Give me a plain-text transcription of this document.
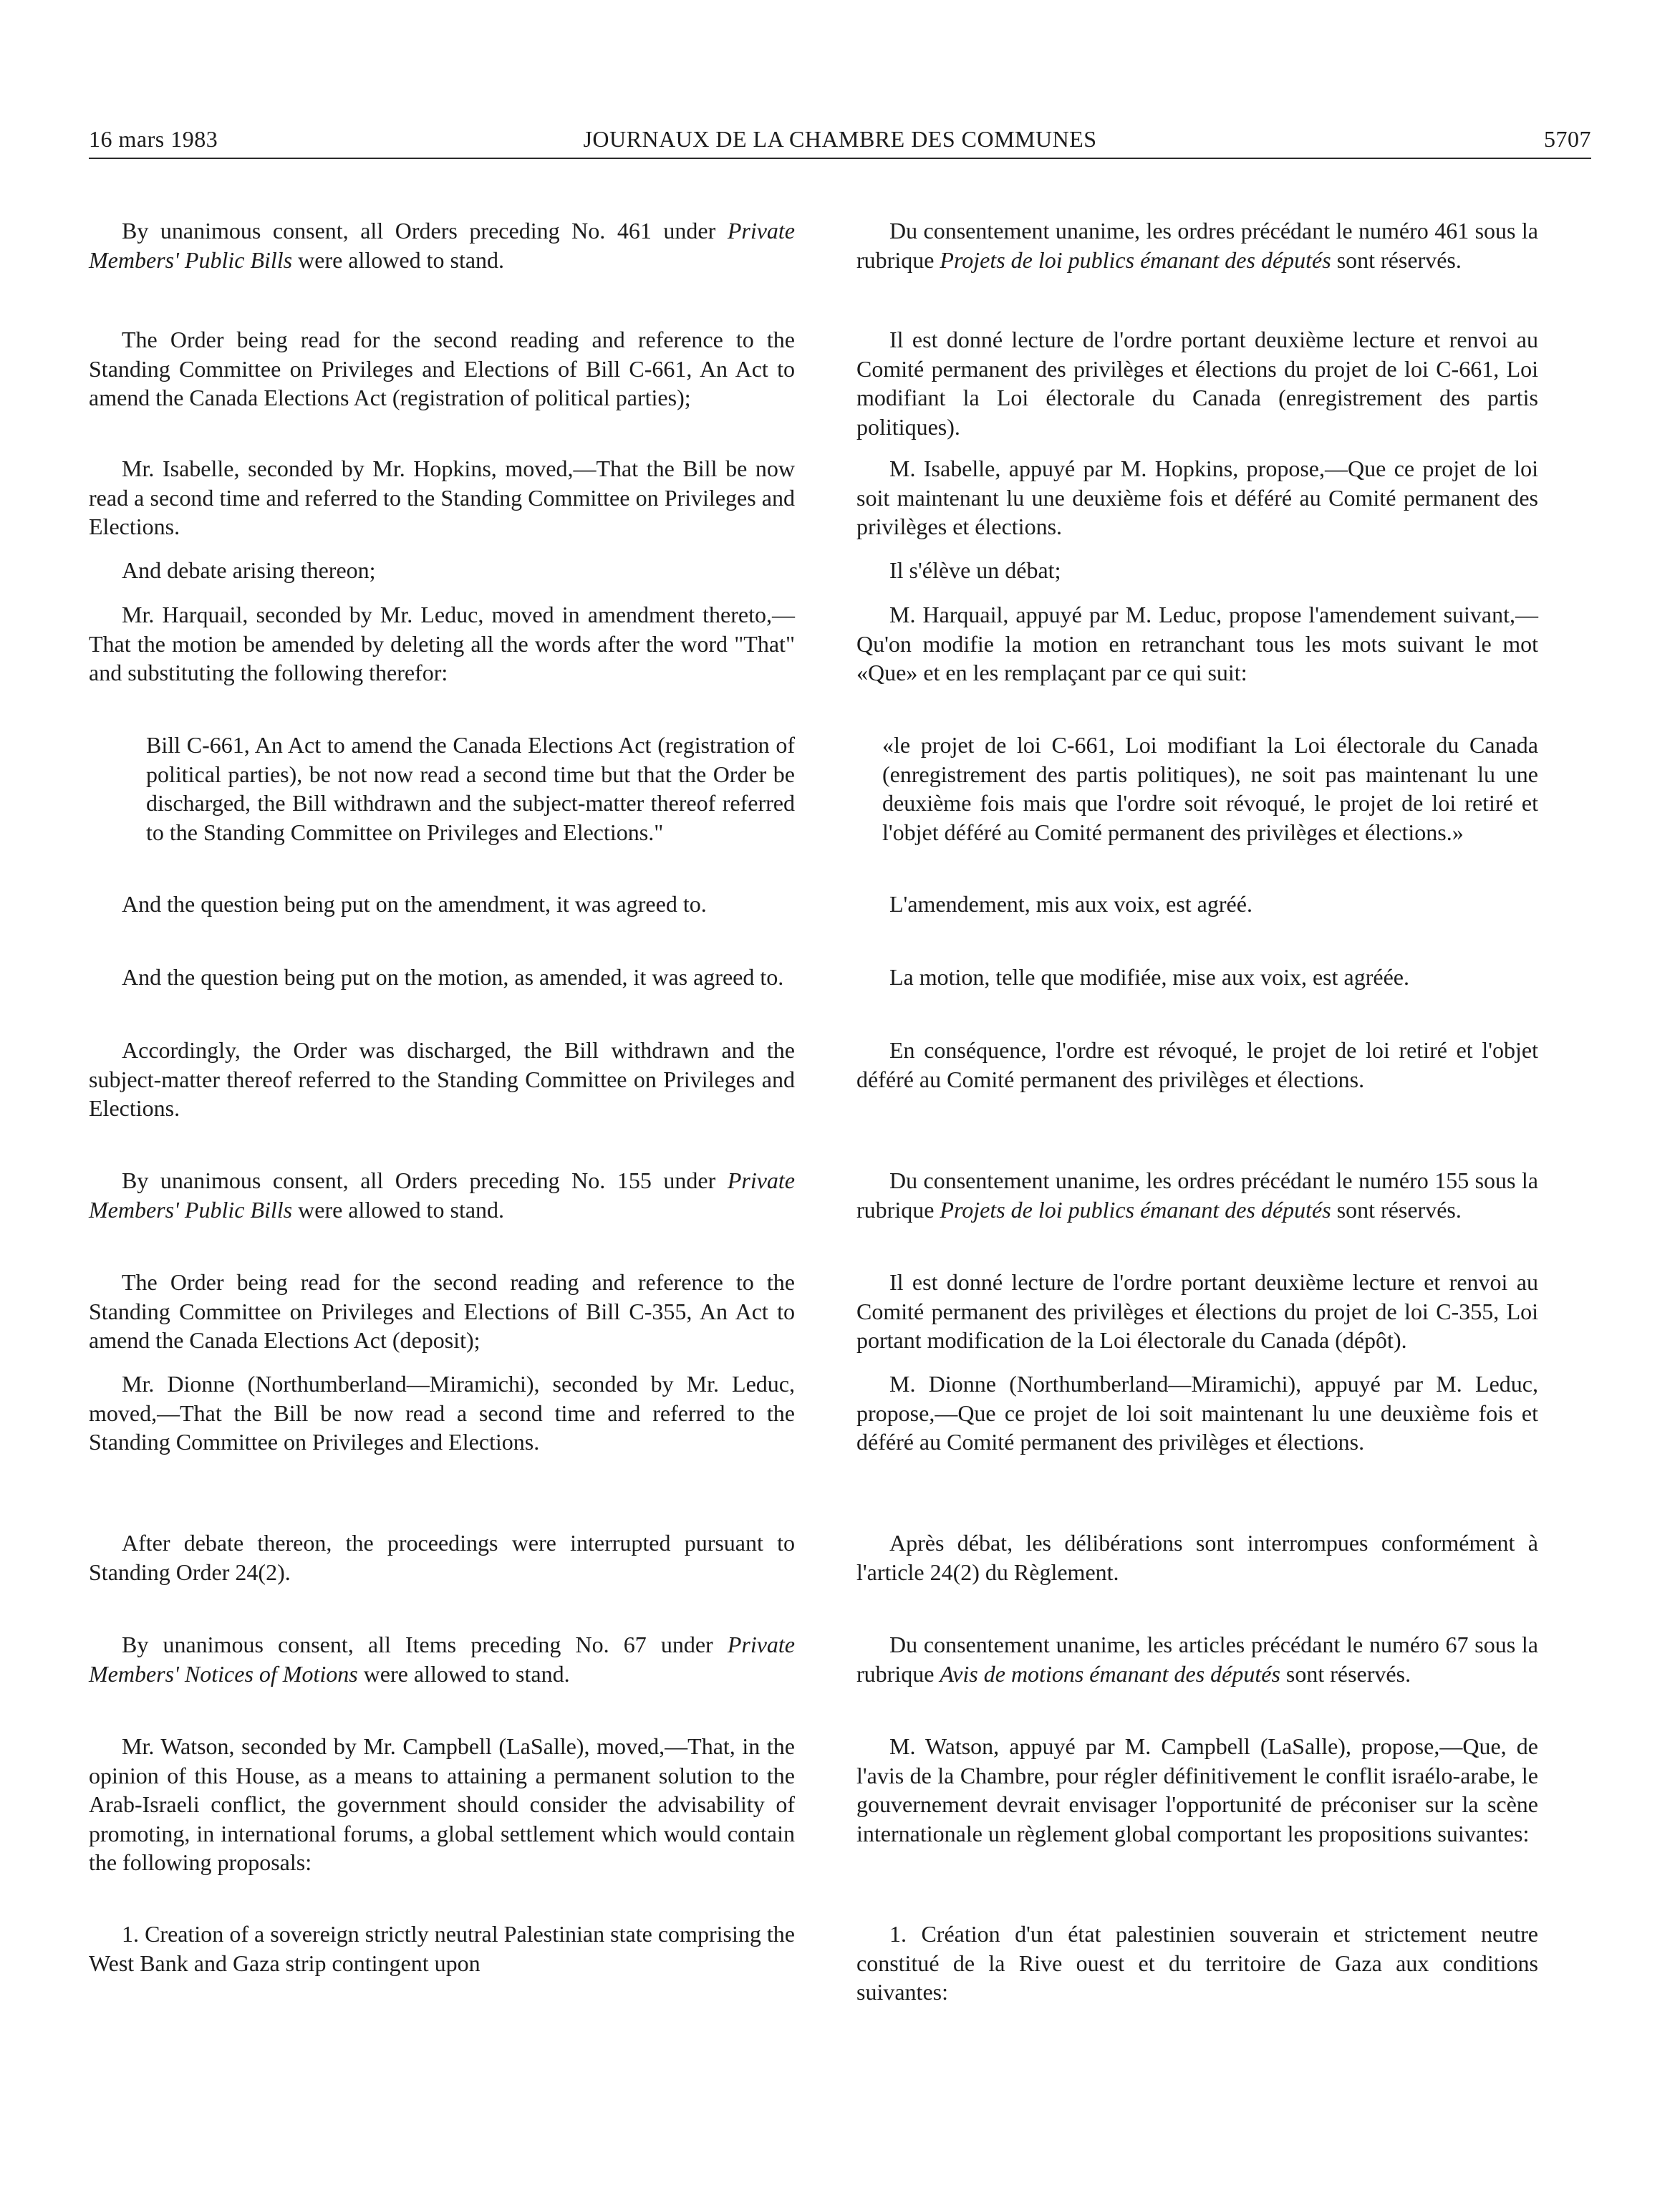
16 mars 1983	JOURNAUX DE LA CHAMBRE DES COMMUNES	5707

By unanimous consent, all Orders preceding No. 461 under Private Members' Public Bills were allowed to stand.

The Order being read for the second reading and reference to the Standing Committee on Privileges and Elections of Bill C-661, An Act to amend the Canada Elections Act (registration of political parties);

Mr. Isabelle, seconded by Mr. Hopkins, moved,—That the Bill be now read a second time and referred to the Standing Committee on Privileges and Elections.

And debate arising thereon;

Mr. Harquail, seconded by Mr. Leduc, moved in amendment thereto,—That the motion be amended by deleting all the words after the word "That" and substituting the following therefor:

Bill C-661, An Act to amend the Canada Elections Act (registration of political parties), be not now read a second time but that the Order be discharged, the Bill withdrawn and the subject-matter thereof referred to the Standing Committee on Privileges and Elections."

And the question being put on the amendment, it was agreed to.

And the question being put on the motion, as amended, it was agreed to.

Accordingly, the Order was discharged, the Bill withdrawn and the subject-matter thereof referred to the Standing Committee on Privileges and Elections.

By unanimous consent, all Orders preceding No. 155 under Private Members' Public Bills were allowed to stand.

The Order being read for the second reading and reference to the Standing Committee on Privileges and Elections of Bill C-355, An Act to amend the Canada Elections Act (deposit);

Mr. Dionne (Northumberland—Miramichi), seconded by Mr. Leduc, moved,—That the Bill be now read a second time and referred to the Standing Committee on Privileges and Elections.

After debate thereon, the proceedings were interrupted pursuant to Standing Order 24(2).

By unanimous consent, all Items preceding No. 67 under Private Members' Notices of Motions were allowed to stand.

Mr. Watson, seconded by Mr. Campbell (LaSalle), moved,—That, in the opinion of this House, as a means to attaining a permanent solution to the Arab-Israeli conflict, the government should consider the advisability of promoting, in international forums, a global settlement which would contain the following proposals:

1. Creation of a sovereign strictly neutral Palestinian state comprising the West Bank and Gaza strip contingent upon

Du consentement unanime, les ordres précédant le numéro 461 sous la rubrique Projets de loi publics émanant des députés sont réservés.

Il est donné lecture de l'ordre portant deuxième lecture et renvoi au Comité permanent des privilèges et élections du projet de loi C-661, Loi modifiant la Loi électorale du Canada (enregistrement des partis politiques).

M. Isabelle, appuyé par M. Hopkins, propose,—Que ce projet de loi soit maintenant lu une deuxième fois et déféré au Comité permanent des privilèges et élections.

Il s'élève un débat;

M. Harquail, appuyé par M. Leduc, propose l'amendement suivant,—Qu'on modifie la motion en retranchant tous les mots suivant le mot «Que» et en les remplaçant par ce qui suit:

«le projet de loi C-661, Loi modifiant la Loi électorale du Canada (enregistrement des partis politiques), ne soit pas maintenant lu une deuxième fois mais que l'ordre soit révoqué, le projet de loi retiré et l'objet déféré au Comité permanent des privilèges et élections.»

L'amendement, mis aux voix, est agréé.

La motion, telle que modifiée, mise aux voix, est agréée.

En conséquence, l'ordre est révoqué, le projet de loi retiré et l'objet déféré au Comité permanent des privilèges et élections.

Du consentement unanime, les ordres précédant le numéro 155 sous la rubrique Projets de loi publics émanant des députés sont réservés.

Il est donné lecture de l'ordre portant deuxième lecture et renvoi au Comité permanent des privilèges et élections du projet de loi C-355, Loi portant modification de la Loi électorale du Canada (dépôt).

M. Dionne (Northumberland—Miramichi), appuyé par M. Leduc, propose,—Que ce projet de loi soit maintenant lu une deuxième fois et déféré au Comité permanent des privilèges et élections.

Après débat, les délibérations sont interrompues conformément à l'article 24(2) du Règlement.

Du consentement unanime, les articles précédant le numéro 67 sous la rubrique Avis de motions émanant des députés sont réservés.

M. Watson, appuyé par M. Campbell (LaSalle), propose,—Que, de l'avis de la Chambre, pour régler définitivement le conflit israélo-arabe, le gouvernement devrait envisager l'opportunité de préconiser sur la scène internationale un règlement global comportant les propositions suivantes:

1. Création d'un état palestinien souverain et strictement neutre constitué de la Rive ouest et du territoire de Gaza aux conditions suivantes:
